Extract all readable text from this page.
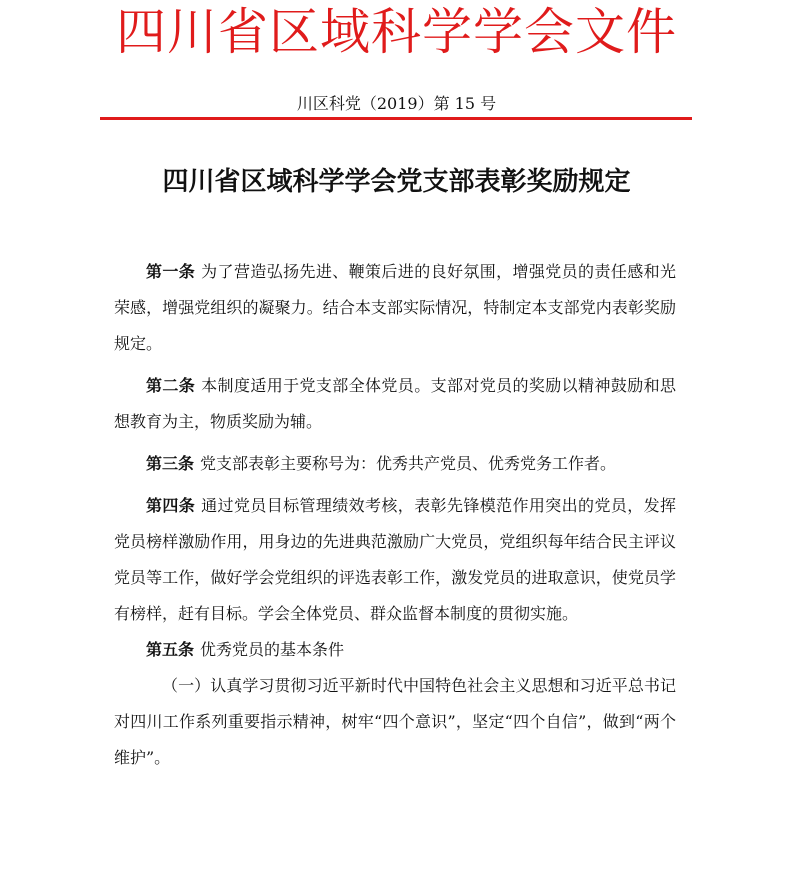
四川省区域科学学会文件
川区科党（2019）第 15 号
四川省区域科学学会党支部表彰奖励规定

第一条 为了营造弘扬先进、鞭策后进的良好氛围，增强党员的责任感和光荣感，增强党组织的凝聚力。结合本支部实际情况，特制定本支部党内表彰奖励规定。

第二条 本制度适用于党支部全体党员。支部对党员的奖励以精神鼓励和思想教育为主，物质奖励为辅。

第三条 党支部表彰主要称号为：优秀共产党员、优秀党务工作者。

第四条 通过党员目标管理绩效考核，表彰先锋模范作用突出的党员，发挥党员榜样激励作用，用身边的先进典范激励广大党员，党组织每年结合民主评议党员等工作，做好学会党组织的评选表彰工作，激发党员的进取意识，使党员学有榜样，赶有目标。学会全体党员、群众监督本制度的贯彻实施。

第五条 优秀党员的基本条件

（一）认真学习贯彻习近平新时代中国特色社会主义思想和习近平总书记对四川工作系列重要指示精神，树牢“四个意识”，坚定“四个自信”，做到“两个维护”。
